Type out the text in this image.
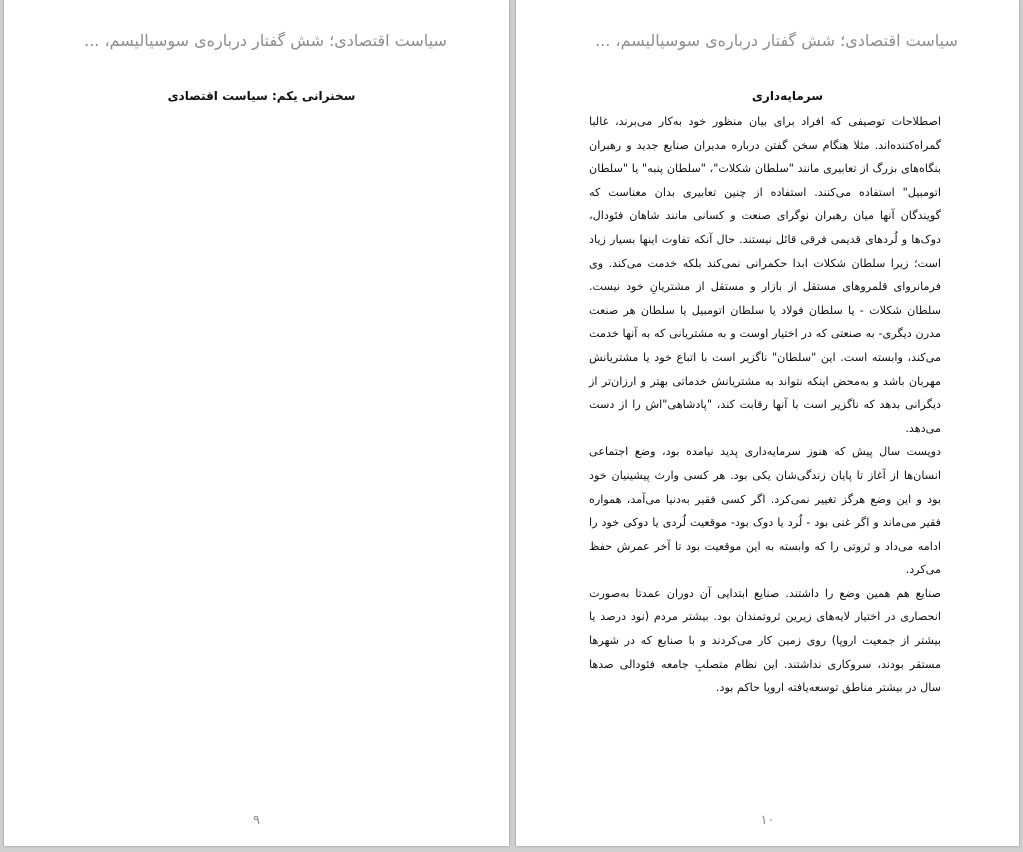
سیاست اقتصادی؛ شش گفتار درباره‌ی سوسیالیسم، ...
سخنرانی یکم: سیاست اقتصادی
۹
سیاست اقتصادی؛ شش گفتار درباره‌ی سوسیالیسم، ...
سرمایه‌داری

اصطلاحات توصیفی که افراد برای بیان منظور خود به‌کار می‌برند، غالبا گمراه‌کننده‌اند. مثلا هنگام سخن گفتن درباره مدیران صنایع جدید و رهبران بنگاه‌های بزرگ از تعابیری مانند "سلطان شکلات"، "سلطان پنبه" یا "سلطان اتومبیل" استفاده می‌کنند. استفاده از چنین تعابیری بدان معناست که گویندگان آنها میان رهبران نوگرای صنعت و کسانی مانند شاهان فئودال، دوک‌ها و لُردهای قدیمی فرقی قائل نیستند. حال آنکه تفاوت اینها بسیار زیاد است؛ زیرا سلطان شکلات ابدا حکمرانی نمی‌کند بلکه خدمت می‌کند. وی فرمانروای قلمروهای مستقل از بازار و مستقل از مشتریانِ خود نیست. سلطان شکلات - یا سلطان فولاد یا سلطان اتومبیل یا سلطان هر صنعت مدرن دیگری- به صنعتی که در اختیار اوست و به مشتریانی که به آنها خدمت می‌کند، وابسته است. این "سلطان" ناگزیر است با اتباع خود یا مشتریانش مهربان باشد و به‌محض اینکه نتواند به مشتریانش خدماتی بهتر و ارزان‌تر از دیگرانی بدهد که ناگزیر است با آنها رقابت کند، "پادشاهی"اش را از دست می‌دهد.

دویست سال پیش که هنوز سرمایه‌داری پدید نیامده بود، وضع اجتماعی انسان‌ها از آغاز تا پایان زندگی‌شان یکی بود. هر کسی وارث پیشینیان خود بود و این وضع هرگز تغییر نمی‌کرد. اگر کسی فقیر به‌دنیا می‌آمد، همواره فقیر می‌ماند و اگر غنی بود - لُرد یا دوک بود- موقعیت لُردی یا دوکی خود را ادامه می‌داد و ثروتی را که وابسته به این موقعیت بود تا آخر عمرش حفظ می‌کرد.

صنایع هم همین وضع را داشتند. صنایع ابتدایی آن دوران عمدتا به‌صورت انحصاری در اختیار لایه‌های زیرین ثروتمندان بود. بیشتر مردم (نود درصد یا بیشتر از جمعیت اروپا) روی زمین کار می‌کردند و با صنایع که در شهرها مستقر بودند، سروکاری نداشتند. این نظام متصلبِ جامعه فئودالی صدها سال در بیشتر مناطق توسعه‌یافته اروپا حاکم بود.

۱۰
